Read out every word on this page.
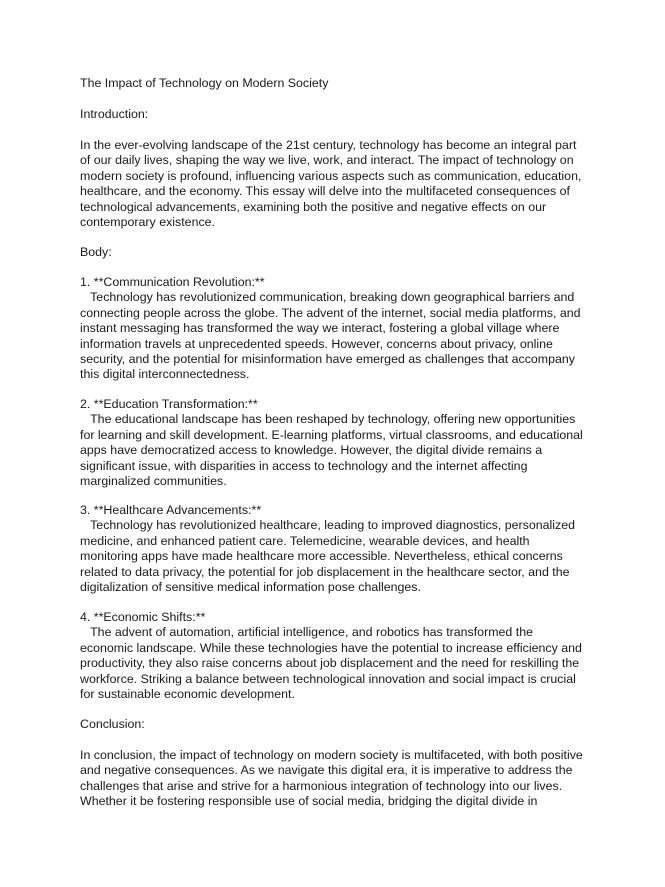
The Impact of Technology on Modern Society

Introduction:

In the ever-evolving landscape of the 21st century, technology has become an integral part
of our daily lives, shaping the way we live, work, and interact. The impact of technology on
modern society is profound, influencing various aspects such as communication, education,
healthcare, and the economy. This essay will delve into the multifaceted consequences of
technological advancements, examining both the positive and negative effects on our
contemporary existence.

Body:

1. **Communication Revolution:**
Technology has revolutionized communication, breaking down geographical barriers and
connecting people across the globe. The advent of the internet, social media platforms, and
instant messaging has transformed the way we interact, fostering a global village where
information travels at unprecedented speeds. However, concerns about privacy, online
security, and the potential for misinformation have emerged as challenges that accompany
this digital interconnectedness.

2. **Education Transformation:**
The educational landscape has been reshaped by technology, offering new opportunities
for learning and skill development. E-learning platforms, virtual classrooms, and educational
apps have democratized access to knowledge. However, the digital divide remains a
significant issue, with disparities in access to technology and the internet affecting
marginalized communities.

3. **Healthcare Advancements:**
Technology has revolutionized healthcare, leading to improved diagnostics, personalized
medicine, and enhanced patient care. Telemedicine, wearable devices, and health
monitoring apps have made healthcare more accessible. Nevertheless, ethical concerns
related to data privacy, the potential for job displacement in the healthcare sector, and the
digitalization of sensitive medical information pose challenges.

4. **Economic Shifts:**
The advent of automation, artificial intelligence, and robotics has transformed the
economic landscape. While these technologies have the potential to increase efficiency and
productivity, they also raise concerns about job displacement and the need for reskilling the
workforce. Striking a balance between technological innovation and social impact is crucial
for sustainable economic development.

Conclusion:

In conclusion, the impact of technology on modern society is multifaceted, with both positive
and negative consequences. As we navigate this digital era, it is imperative to address the
challenges that arise and strive for a harmonious integration of technology into our lives.
Whether it be fostering responsible use of social media, bridging the digital divide in
